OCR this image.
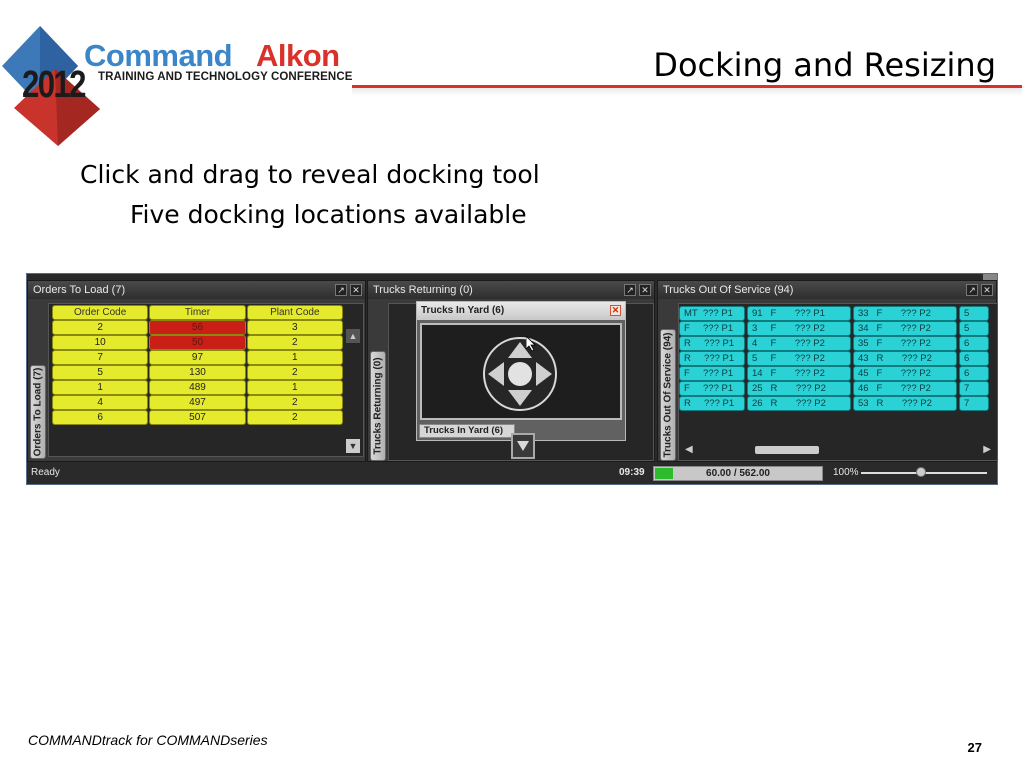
2012
Command Alkon
TRAINING AND TECHNOLOGY CONFERENCE	Docking and Resizing
Click and drag to reveal docking tool
Five docking locations available
Orders To Load (7)	↗ ✕
Orders To Load (7)
Order Code	Timer	Plant Code
2	56	3
10	50	2
7	97	1
5	130	2
1	489	1
4	497	2
6	507	2
▲
▼
Trucks Returning (0)	↗ ✕
Trucks Returning (0)
Trucks In Yard (6)	✕
Trucks In Yard (6)
Trucks Out Of Service (94)	↗ ✕
Trucks Out Of Service (94)
MT  ??? P1	91   F       ??? P1	33   F       ??? P2	5
F     ??? P1	3     F       ??? P2	34   F       ??? P2	5
R     ??? P1	4     F       ??? P2	35   F       ??? P2	6
R     ??? P1	5     F       ??? P2	43   R       ??? P2	6
F     ??? P1	14   F       ??? P2	45   F       ??? P2	6
F     ??? P1	25   R       ??? P2	46   F       ??? P2	7
R     ??? P1	26   R       ??? P2	53   R       ??? P2	7
◀	▶
Ready	09:39	60.00 / 562.00	100%
COMMANDtrack for COMMANDseries	27
